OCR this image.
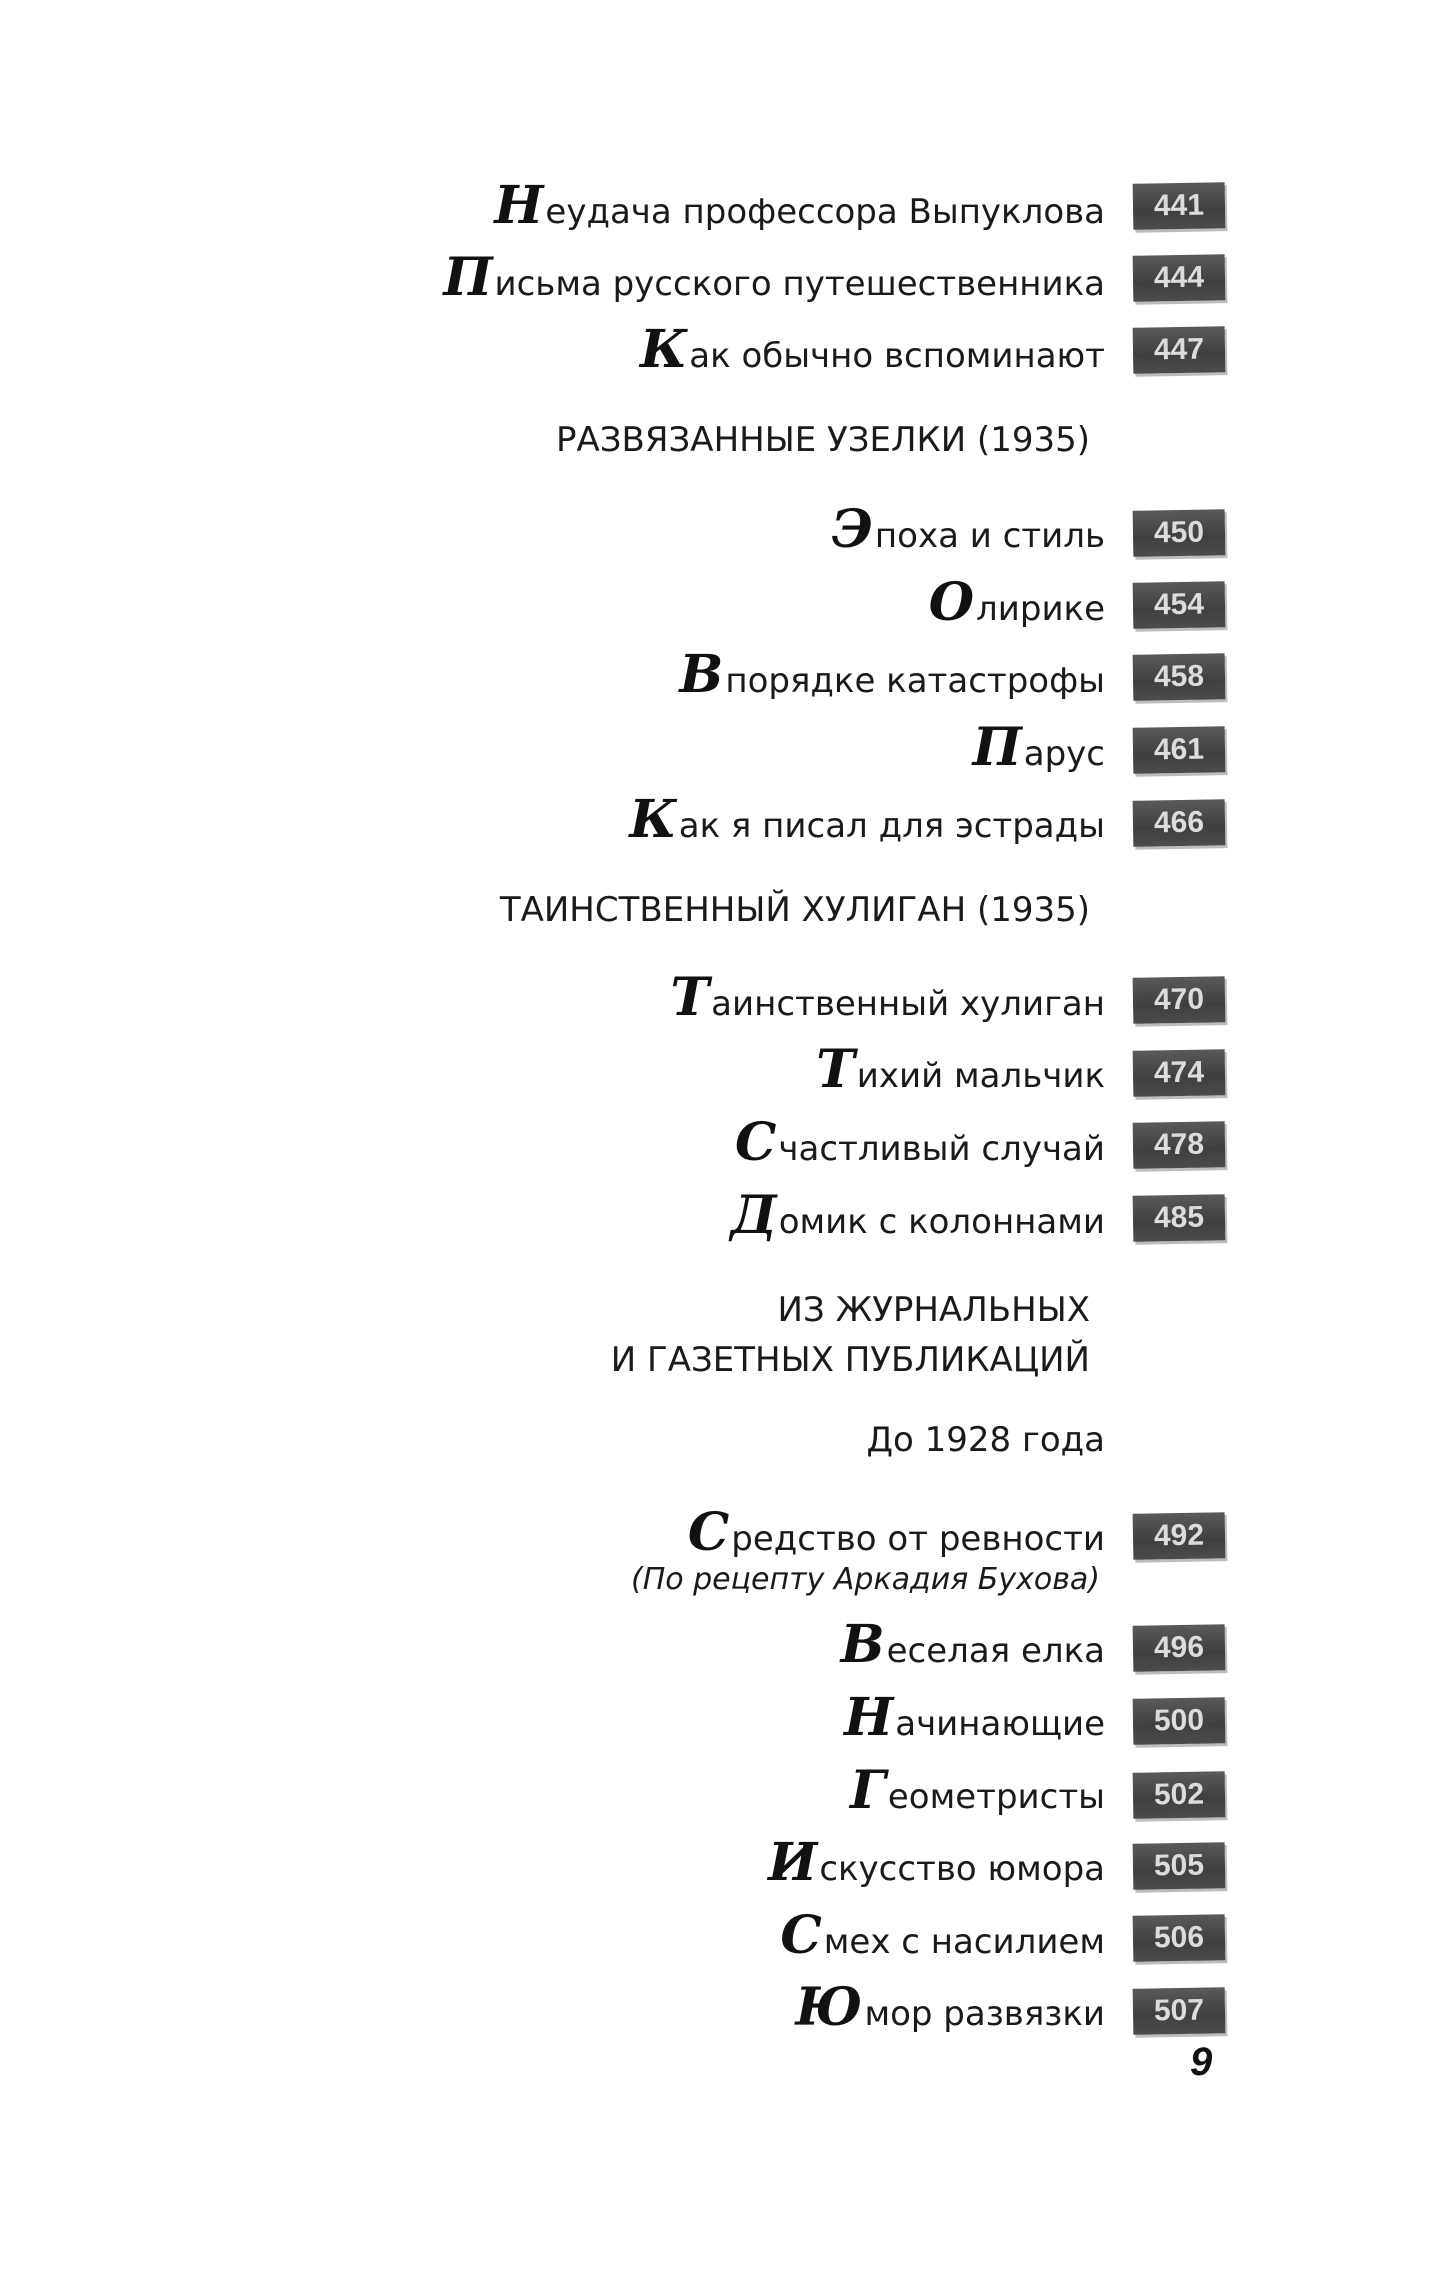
Н еудача профессора Выпуклова	441
П исьма русского путешественника	444
К ак обычно вспоминают	447
РАЗВЯЗАННЫЕ УЗЕЛКИ (1935)
Э поха и стиль	450
О лирике	454
В порядке катастрофы	458
П арус	461
К ак я писал для эстрады	466
ТАИНСТВЕННЫЙ ХУЛИГАН (1935)
Т аинственный хулиган	470
Т ихий мальчик	474
С частливый случай	478
Д омик с колоннами	485
ИЗ ЖУРНАЛЬНЫХ
И ГАЗЕТНЫХ ПУБЛИКАЦИЙ
До 1928 года
С редство от ревности	492
(По рецепту Аркадия Бухова)
В еселая елка	496
Н ачинающие	500
Г еометристы	502
И скусство юмора	505
С мех с насилием	506
Ю мор развязки	507
9
